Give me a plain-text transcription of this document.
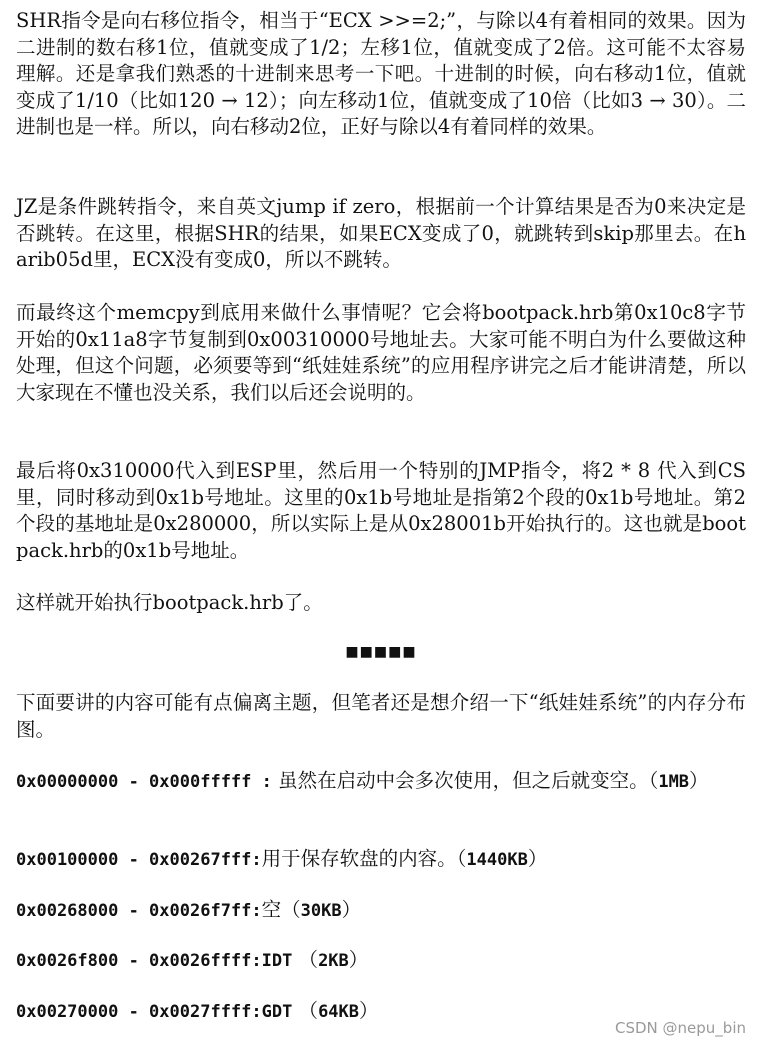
SHR指令是向右移位指令，相当于“ECX >>=2;”，与除以4有着相同的效果。因为二进制的数右移1位，值就变成了1/2；左移1位，值就变成了2倍。这可能不太容易理解。还是拿我们熟悉的十进制来思考一下吧。十进制的时候，向右移动1位，值就变成了1/10（比如120 → 12）；向左移动1位，值就变成了10倍（比如3 → 30）。二进制也是一样。所以，向右移动2位，正好与除以4有着同样的效果。

JZ是条件跳转指令，来自英文jump if zero，根据前一个计算结果是否为0来决定是否跳转。在这里，根据SHR的结果，如果ECX变成了0，就跳转到skip那里去。在harib05d里，ECX没有变成0，所以不跳转。

而最终这个memcpy到底用来做什么事情呢？它会将bootpack.hrb第0x10c8字节开始的0x11a8字节复制到0x00310000号地址去。大家可能不明白为什么要做这种处理，但这个问题，必须要等到“纸娃娃系统”的应用程序讲完之后才能讲清楚，所以大家现在不懂也没关系，我们以后还会说明的。

最后将0x310000代入到ESP里，然后用一个特别的JMP指令，将2 * 8 代入到CS里，同时移动到0x1b号地址。这里的0x1b号地址是指第2个段的0x1b号地址。第2个段的基地址是0x280000，所以实际上是从0x28001b开始执行的。这也就是bootpack.hrb的0x1b号地址。

这样就开始执行bootpack.hrb了。

■■■■■

下面要讲的内容可能有点偏离主题，但笔者还是想介绍一下“纸娃娃系统”的内存分布图。

0x00000000 - 0x000fffff : 虽然在启动中会多次使用，但之后就变空。（1MB）
0x00100000 - 0x00267fff:用于保存软盘的内容。（1440KB）
0x00268000 - 0x0026f7ff:空（30KB）
0x0026f800 - 0x0026ffff:IDT （2KB）
0x00270000 - 0x0027ffff:GDT （64KB）
CSDN @nepu_bin
